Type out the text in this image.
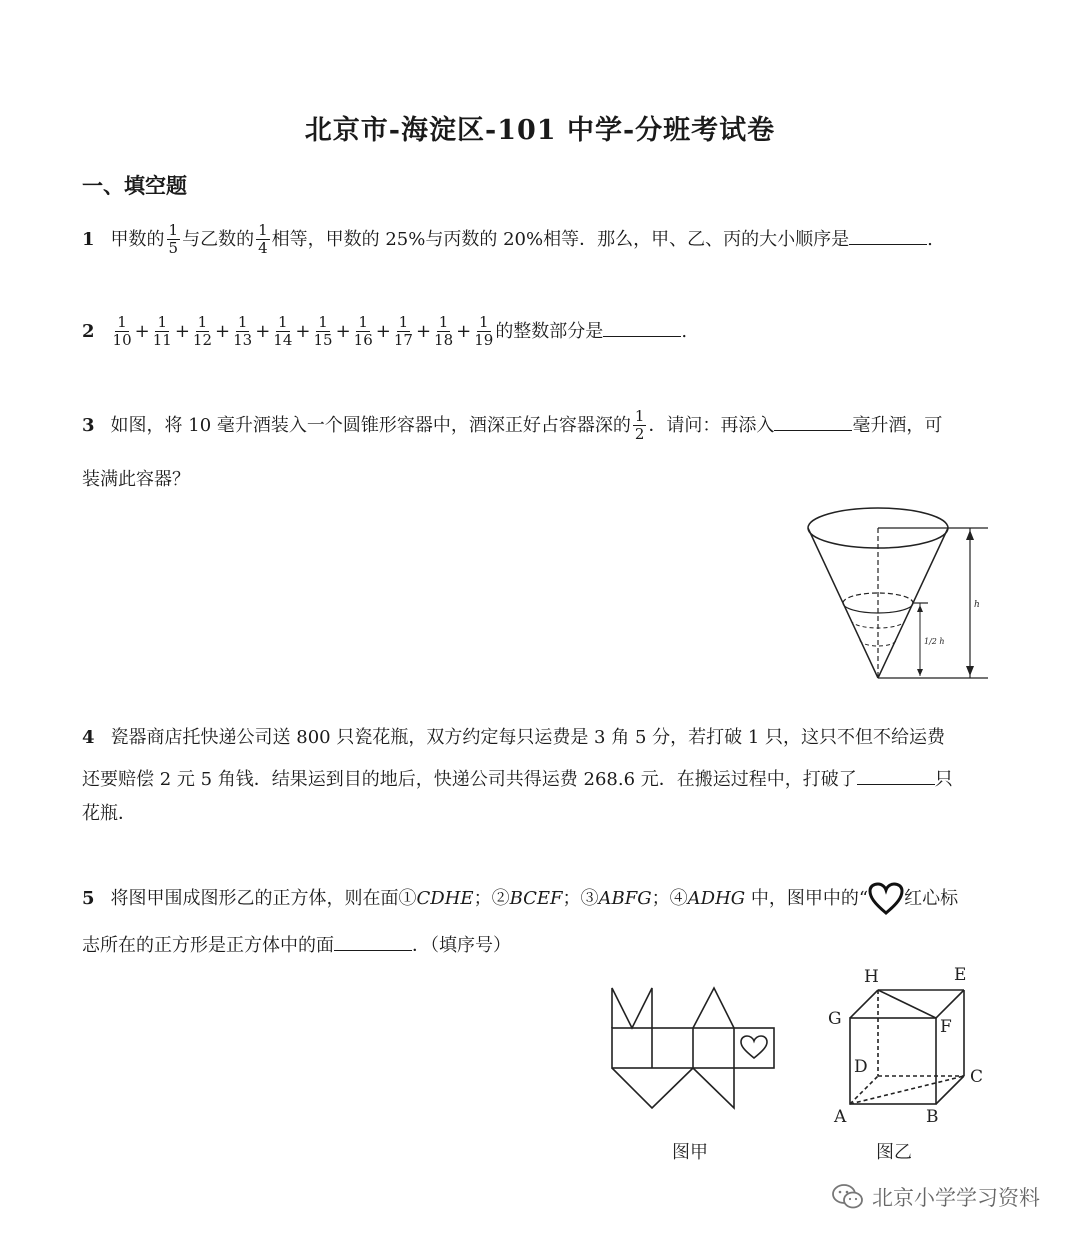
北京市-海淀区-101 中学-分班考试卷
一、填空题
1 甲数的 $\frac{1}{5}$ 与乙数的 $\frac{1}{4}$ 相等，甲数的 25%与丙数的 20%相等．那么，甲、乙、丙的大小顺序是	.
$2 \frac{1}{10} + \frac{1}{11} + \frac{1}{12} + \frac{1}{13} + \frac{1}{14} + \frac{1}{15} + \frac{1}{16} + \frac{1}{17} + \frac{1}{18} + \frac{1}{19}$ 的整数部分是	.
3 如图，将 10 毫升酒装入一个圆锥形容器中，酒深正好占容器深的 $\frac{1}{2}$ ．请问：再添入	毫升酒，可
装满此容器？
h
1/2 h
4 瓷器商店托快递公司送 800 只瓷花瓶，双方约定每只运费是 3 角 5 分，若打破 1 只，这只不但不给运费
还要赔偿 2 元 5 角钱．结果运到目的地后，快递公司共得运费 268.6 元．在搬运过程中，打破了	只
花瓶．
5 将图甲围成图形乙的正方体，则在面①CDHE；②BCEF；③ABFG；④ADHG 中，图甲中的“ 红心标
志所在的正方形是正方体中的面	．（填序号）
图甲
H	E
G	F
D	C
A	B
图乙
北京小学学习资料
